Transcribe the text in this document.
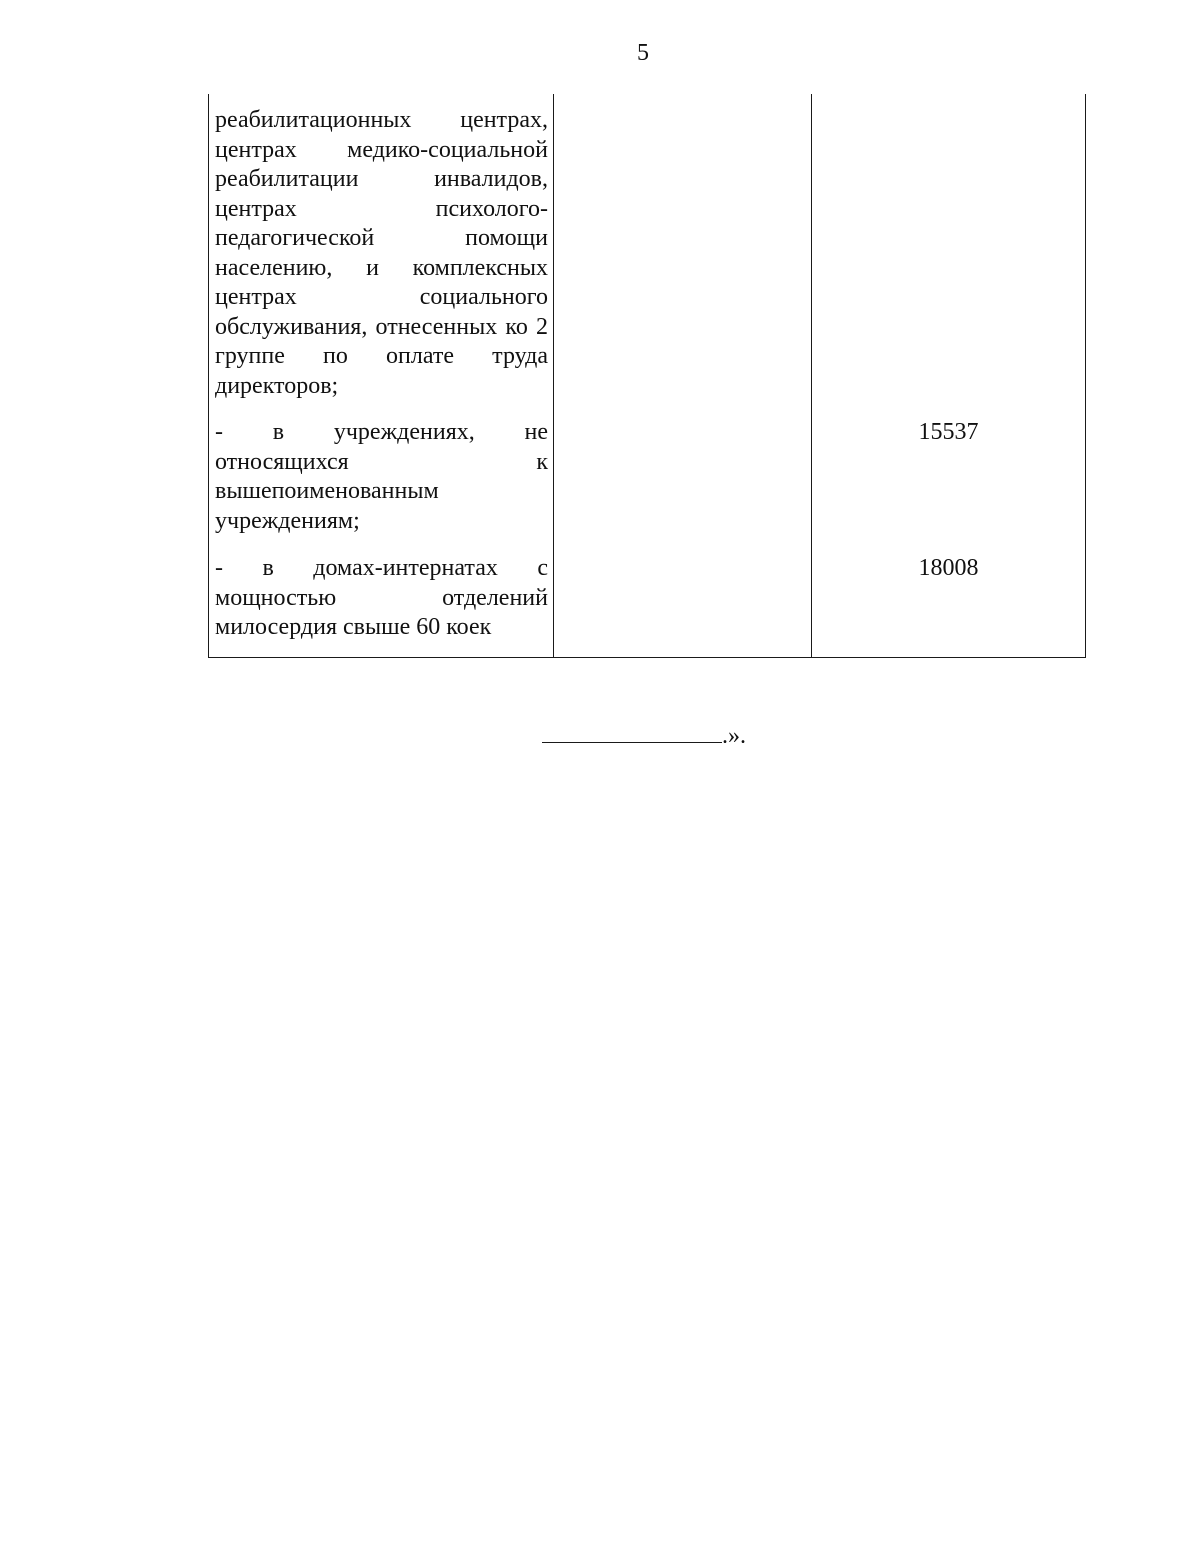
5
реабилитационных центрах, центрах медико-социальной реабилитации инвалидов, центрах психолого-педагогической помощи населению, и комплексных центрах социального обслуживания, отнесенных ко 2 группе по оплате труда директоров;		

- в учреждениях, не относящихся к вышепоименованным учреждениям;		15537

- в домах-интернатах с мощностью отделений милосердия свыше 60 коек		18008
.».
